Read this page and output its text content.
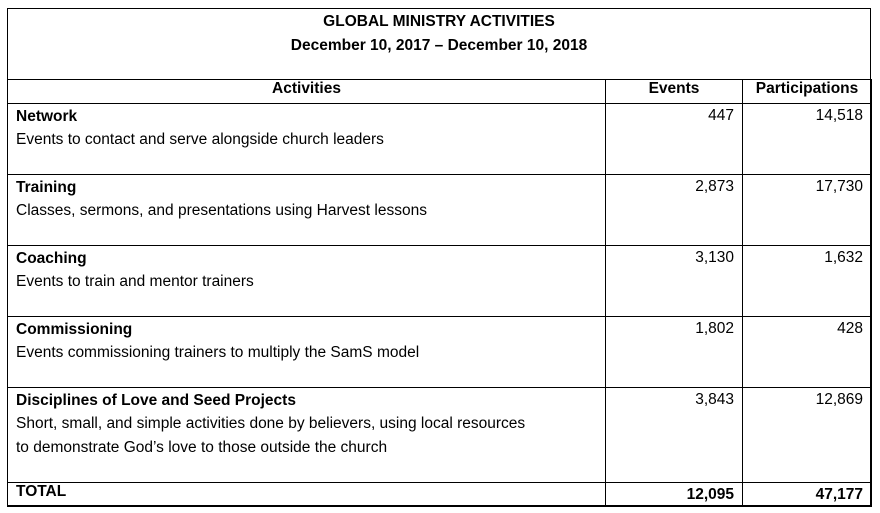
GLOBAL MINISTRY ACTIVITIES
December 10, 2017 – December 10, 2018
Activities	Events	Participations

Network
Events to contact and serve alongside church leaders	447	14,518

Training
Classes, sermons, and presentations using Harvest lessons	2,873	17,730

Coaching
Events to train and mentor trainers	3,130	1,632

Commissioning
Events commissioning trainers to multiply the SamS model	1,802	428

Disciplines of Love and Seed Projects
Short, small, and simple activities done by believers, using local resources
to demonstrate God’s love to those outside the church	3,843	12,869
TOTAL	12,095	47,177
